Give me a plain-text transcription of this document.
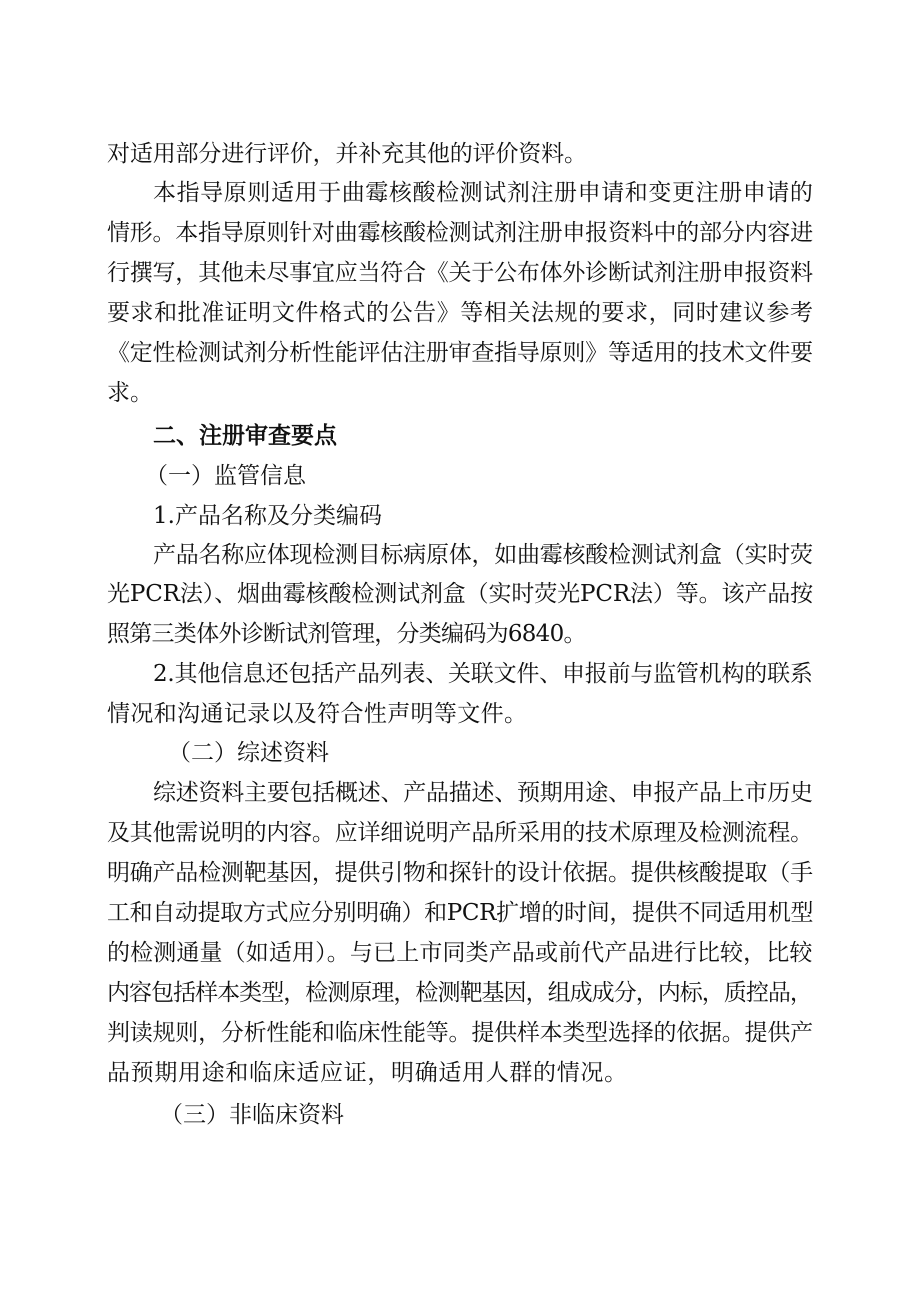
对适用部分进行评价，并补充其他的评价资料。
本指导原则适用于曲霉核酸检测试剂注册申请和变更注册申请的
情形。本指导原则针对曲霉核酸检测试剂注册申报资料中的部分内容进
行撰写，其他未尽事宜应当符合《关于公布体外诊断试剂注册申报资料
要求和批准证明文件格式的公告》等相关法规的要求，同时建议参考
《定性检测试剂分析性能评估注册审查指导原则》等适用的技术文件要
求。
二、注册审查要点
（一）监管信息
1.产品名称及分类编码
产品名称应体现检测目标病原体，如曲霉核酸检测试剂盒（实时荧
光PCR法）、烟曲霉核酸检测试剂盒（实时荧光PCR法）等。该产品按
照第三类体外诊断试剂管理，分类编码为6840。
2.其他信息还包括产品列表、关联文件、申报前与监管机构的联系
情况和沟通记录以及符合性声明等文件。
（二）综述资料
综述资料主要包括概述、产品描述、预期用途、申报产品上市历史
及其他需说明的内容。应详细说明产品所采用的技术原理及检测流程。
明确产品检测靶基因，提供引物和探针的设计依据。提供核酸提取（手
工和自动提取方式应分别明确）和PCR扩增的时间，提供不同适用机型
的检测通量（如适用）。与已上市同类产品或前代产品进行比较，比较
内容包括样本类型，检测原理，检测靶基因，组成成分，内标，质控品，
判读规则，分析性能和临床性能等。提供样本类型选择的依据。提供产
品预期用途和临床适应证，明确适用人群的情况。
（三）非临床资料
